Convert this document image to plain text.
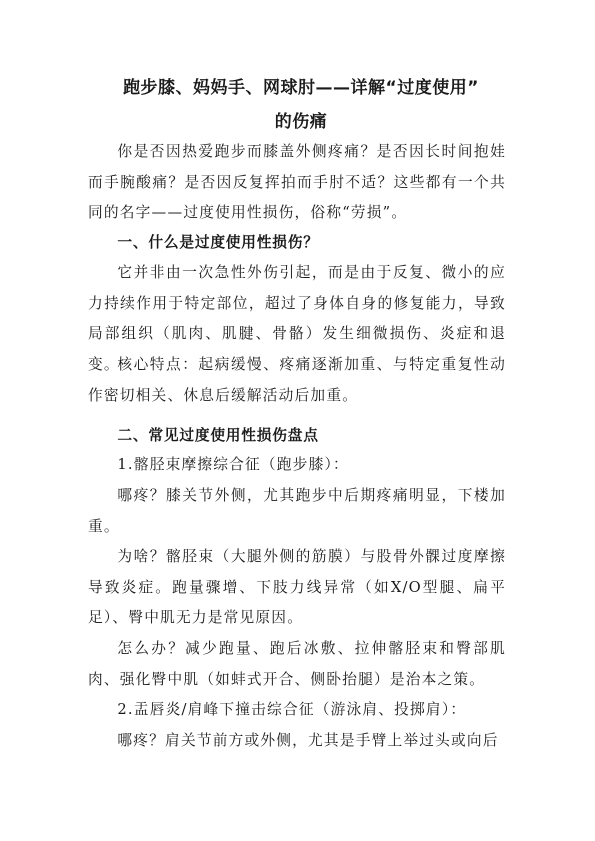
跑步膝、妈妈手、网球肘——详解“过度使用”
的伤痛

你是否因热爱跑步而膝盖外侧疼痛？是否因长时间抱娃而手腕酸痛？是否因反复挥拍而手肘不适？这些都有一个共同的名字——过度使用性损伤，俗称“劳损”。

一、什么是过度使用性损伤？

它并非由一次急性外伤引起，而是由于反复、微小的应力持续作用于特定部位，超过了身体自身的修复能力，导致局部组织（肌肉、肌腱、骨骼）发生细微损伤、炎症和退变。

核心特点：起病缓慢、疼痛逐渐加重、与特定重复性动作密切相关、休息后缓解活动后加重。

二、常见过度使用性损伤盘点

1.髂胫束摩擦综合征（跑步膝）：

哪疼？膝关节外侧，尤其跑步中后期疼痛明显，下楼加重。

为啥？髂胫束（大腿外侧的筋膜）与股骨外髁过度摩擦导致炎症。跑量骤增、下肢力线异常（如X/O型腿、扁平足）、臀中肌无力是常见原因。

怎么办？减少跑量、跑后冰敷、拉伸髂胫束和臀部肌肉、强化臀中肌（如蚌式开合、侧卧抬腿）是治本之策。

2.盂唇炎/肩峰下撞击综合征（游泳肩、投掷肩）：

哪疼？肩关节前方或外侧，尤其是手臂上举过头或向后
